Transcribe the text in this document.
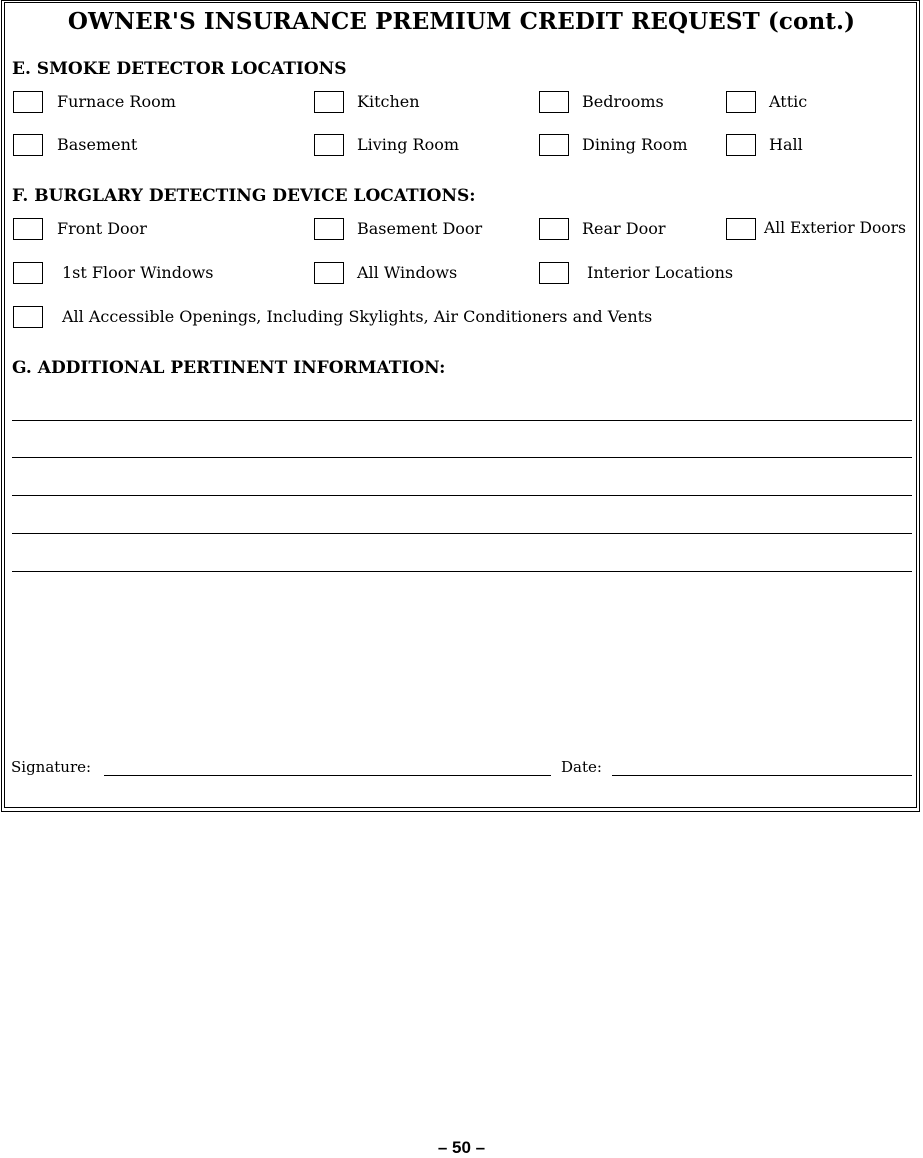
OWNER'S INSURANCE PREMIUM CREDIT REQUEST (cont.)
E. SMOKE DETECTOR LOCATIONS
Furnace Room	Kitchen	Bedrooms	Attic
Basement	Living Room	Dining Room	Hall
F. BURGLARY DETECTING DEVICE LOCATIONS:
Front Door	Basement Door	Rear Door	All Exterior Doors
1st Floor Windows	All Windows	Interior Locations
All Accessible Openings, Including Skylights, Air Conditioners and Vents
G. ADDITIONAL PERTINENT INFORMATION:
Signature:	Date:
– 50 –
